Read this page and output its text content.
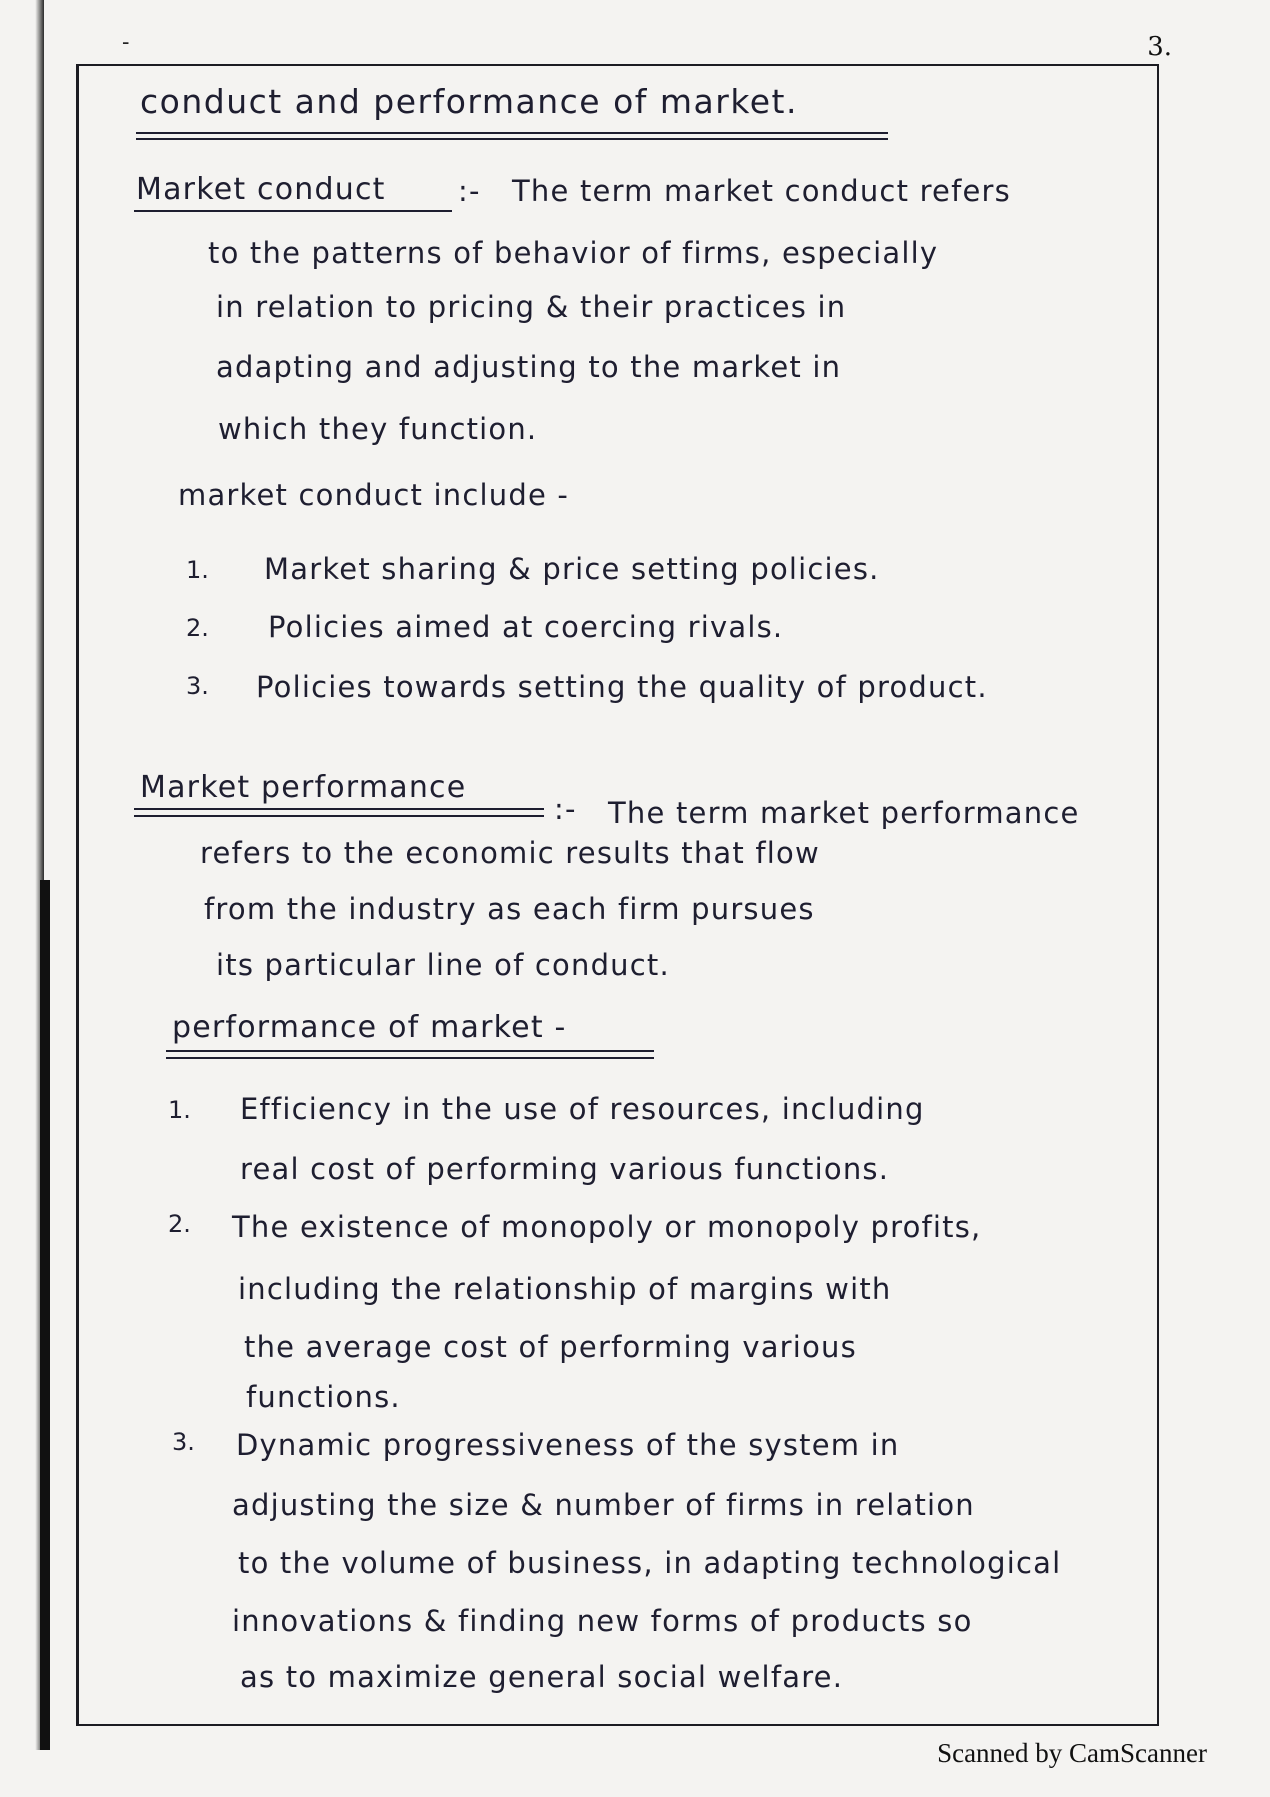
-	3.
conduct and performance of market.
Market conduct :- The term market conduct refers
to the patterns of behavior of firms, especially
in relation to pricing & their practices in
adapting and adjusting to the market in
which they function.
market conduct include -
1. Market sharing & price setting policies.
2. Policies aimed at coercing rivals.
3. Policies towards setting the quality of product.
Market performance
:- The term market performance
refers to the economic results that flow
from the industry as each firm pursues
its particular line of conduct.
performance of market -
1. Efficiency in the use of resources, including
real cost of performing various functions.
2. The existence of monopoly or monopoly profits,
including the relationship of margins with
the average cost of performing various
functions.
3. Dynamic progressiveness of the system in
adjusting the size & number of firms in relation
to the volume of business, in adapting technological
innovations & finding new forms of products so
as to maximize general social welfare.
Scanned by CamScanner
